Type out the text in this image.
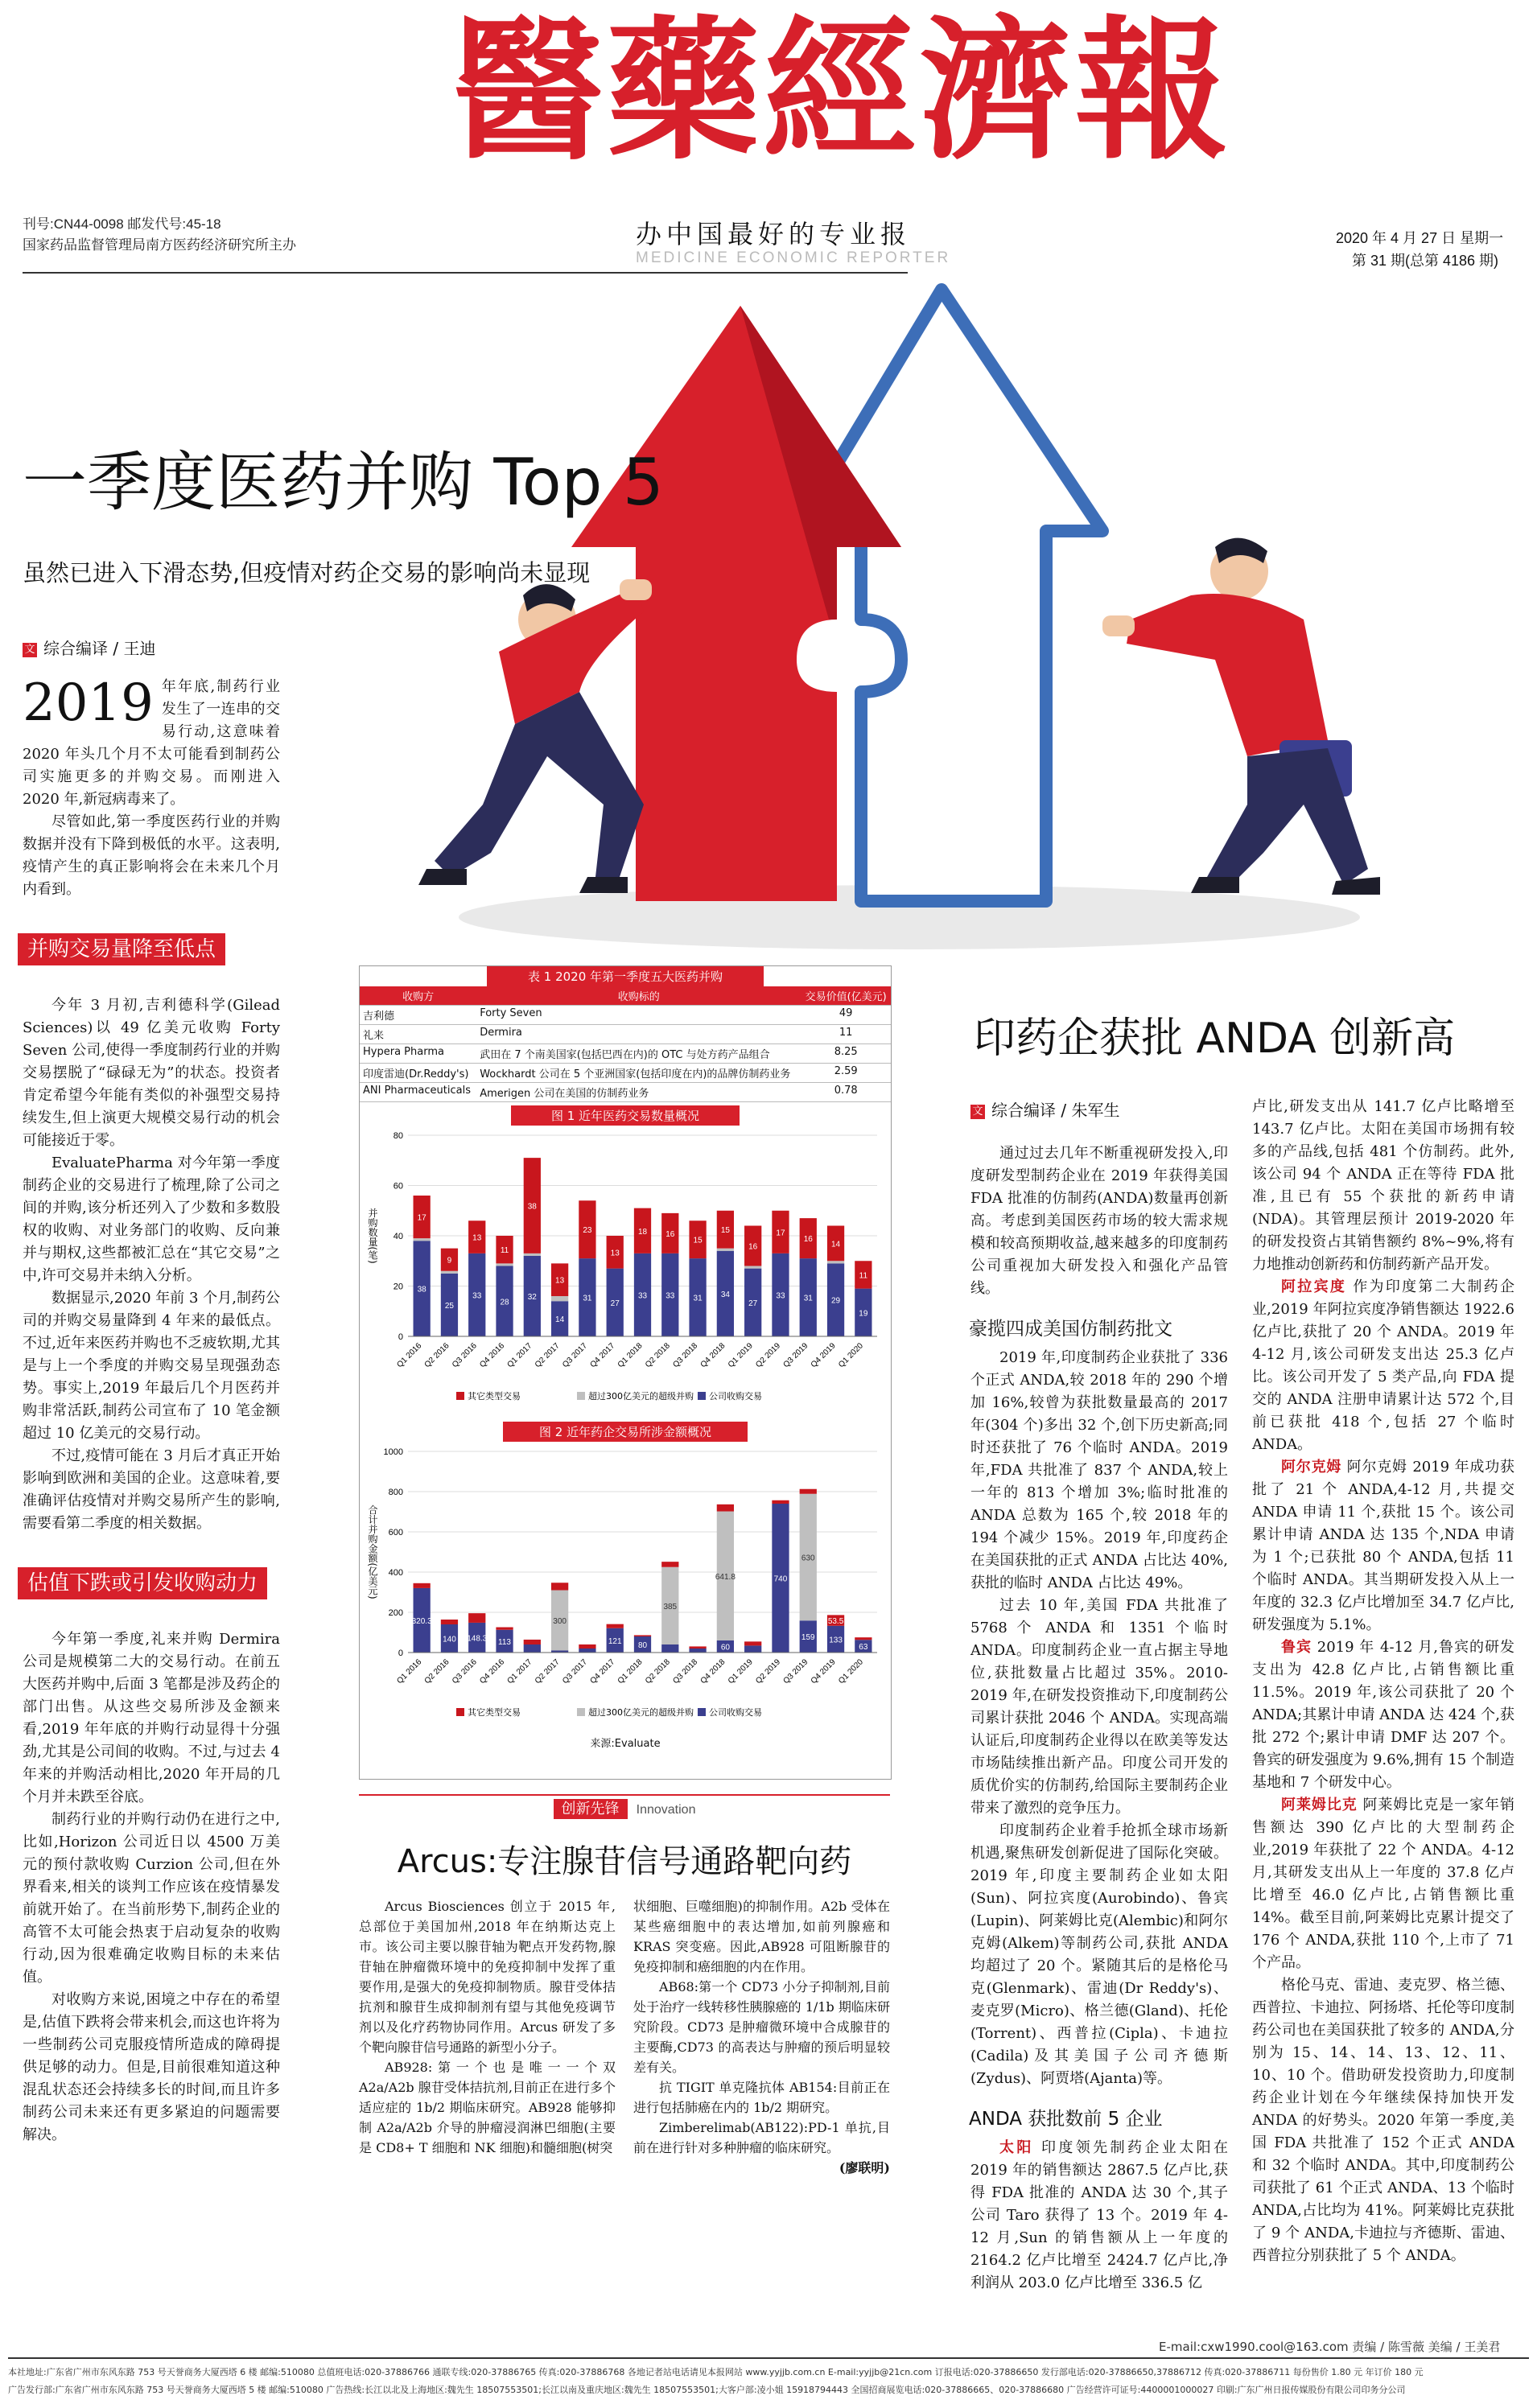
醫藥經濟報
刊号:CN44-0098 邮发代号:45-18
国家药品监督管理局南方医药经济研究所主办	办中国最好的专业报
MEDICINE ECONOMIC REPORTER
2020 年 4 月 27 日 星期一
第 31 期(总第 4186 期)
一季度医药并购 Top 5
虽然已进入下滑态势,但疫情对药企交易的影响尚未显现
文 综合编译 / 王迪

2019 年年底,制药行业发生了一连串的交易行动,这意味着 2020 年头几个月不太可能看到制药公司实施更多的并购交易。而刚进入 2020 年,新冠病毒来了。

尽管如此,第一季度医药行业的并购数据并没有下降到极低的水平。这表明,疫情产生的真正影响将会在未来几个月内看到。

并购交易量降至低点

今年 3 月初,吉利德科学(Gilead Sciences)以 49 亿美元收购 Forty Seven 公司,使得一季度制药行业的并购交易摆脱了“碌碌无为”的状态。投资者肯定希望今年能有类似的补强型交易持续发生,但上演更大规模交易行动的机会可能接近于零。

EvaluatePharma 对今年第一季度制药企业的交易进行了梳理,除了公司之间的并购,该分析还列入了少数和多数股权的收购、对业务部门的收购、反向兼并与期权,这些都被汇总在“其它交易”之中,许可交易并未纳入分析。

数据显示,2020 年前 3 个月,制药公司的并购交易量降到 4 年来的最低点。不过,近年来医药并购也不乏疲软期,尤其是与上一个季度的并购交易呈现强劲态势。事实上,2019 年最后几个月医药并购非常活跃,制药公司宣布了 10 笔金额超过 10 亿美元的交易行动。

不过,疫情可能在 3 月后才真正开始影响到欧洲和美国的企业。这意味着,要准确评估疫情对并购交易所产生的影响,需要看第二季度的相关数据。

估值下跌或引发收购动力

今年第一季度,礼来并购 Dermira 公司是规模第二大的交易行动。在前五大医药并购中,后面 3 笔都是涉及药企的部门出售。从这些交易所涉及金额来看,2019 年年底的并购行动显得十分强劲,尤其是公司间的收购。不过,与过去 4 年来的并购活动相比,2020 年开局的几个月并未跌至谷底。

制药行业的并购行动仍在进行之中,比如,Horizon 公司近日以 4500 万美元的预付款收购 Curzion 公司,但在外界看来,相关的谈判工作应该在疫情暴发前就开始了。在当前形势下,制药企业的高管不太可能会热衷于启动复杂的收购行动,因为很难确定收购目标的未来估值。

对收购方来说,困境之中存在的希望是,估值下跌将会带来机会,而这也许将为一些制药公司克服疫情所造成的障碍提供足够的动力。但是,目前很难知道这种混乱状态还会持续多长的时间,而且许多制药公司未来还有更多紧迫的问题需要解决。

表 1 2020 年第一季度五大医药并购
收购方	收购标的	交易价值(亿美元)
吉利德	Forty Seven	49
礼来	Dermira	11
Hypera Pharma	武田在 7 个南美国家(包括巴西在内)的 OTC 与处方药产品组合	8.25
印度雷迪(Dr.Reddy's)	Wockhardt 公司在 5 个亚洲国家(包括印度在内)的品牌仿制药业务	2.59
ANI Pharmaceuticals	Amerigen 公司在美国的仿制药业务	0.78
图 1 近年医药交易数量概况
0
20
40
60
80
并购数量(笔)
38
17
Q1 2016
25
9
Q2 2016
33
13
Q3 2016
28
11
Q4 2016
32
38
Q1 2017
14
13
Q2 2017
31
23
Q3 2017
27
13
Q4 2017
33
18
Q1 2018
33
16
Q2 2018
31
15
Q3 2018
34
15
Q4 2018
27
16
Q1 2019
33
17
Q2 2019
31
16
Q3 2019
29
14
Q4 2019
19
11
Q1 2020
其它类型交易	超过300亿美元的超级并购 公司收购交易
图 2 近年药企交易所涉金额概况
0
200
400
600
800
1000
合计并购金额(亿美元)
320.3
Q1 2016
140
Q2 2016
148.3
Q3 2016
113
Q4 2016 Q1 2017
300
Q2 2017 Q3 2017
121
Q4 2017
80
Q1 2018
385
Q2 2018 Q3 2018
60
641.8
Q4 2018 Q1 2019
740
Q2 2019
159
630
Q3 2019
133
53.5
Q4 2019
63
Q1 2020
其它类型交易	超过300亿美元的超级并购 公司收购交易
来源:Evaluate
创新先锋 Innovation
Arcus:专注腺苷信号通路靶向药

Arcus Biosciences 创立于 2015 年,总部位于美国加州,2018 年在纳斯达克上市。该公司主要以腺苷轴为靶点开发药物,腺苷轴在肿瘤微环境中的免疫抑制中发挥了重要作用,是强大的免疫抑制物质。腺苷受体拮抗剂和腺苷生成抑制剂有望与其他免疫调节剂以及化疗药物协同作用。Arcus 研发了多个靶向腺苷信号通路的新型小分子。

AB928:第一个也是唯一一个双 A2a/A2b 腺苷受体拮抗剂,目前正在进行多个适应症的 1b/2 期临床研究。AB928 能够抑制 A2a/A2b 介导的肿瘤浸润淋巴细胞(主要是 CD8+ T 细胞和 NK 细胞)和髓细胞(树突

状细胞、巨噬细胞)的抑制作用。A2b 受体在某些癌细胞中的表达增加,如前列腺癌和 KRAS 突变癌。因此,AB928 可阻断腺苷的免疫抑制和癌细胞的内在作用。

AB68:第一个 CD73 小分子抑制剂,目前处于治疗一线转移性胰腺癌的 1/1b 期临床研究阶段。CD73 是肿瘤微环境中合成腺苷的主要酶,CD73 的高表达与肿瘤的预后明显较差有关。

抗 TIGIT 单克隆抗体 AB154:目前正在进行包括肺癌在内的 1b/2 期研究。

Zimberelimab(AB122):PD-1 单抗,目前在进行针对多种肿瘤的临床研究。

(廖联明)
印药企获批 ANDA 创新高
文 综合编译 / 朱军生

通过过去几年不断重视研发投入,印度研发型制药企业在 2019 年获得美国 FDA 批准的仿制药(ANDA)数量再创新高。考虑到美国医药市场的较大需求规模和较高预期收益,越来越多的印度制药公司重视加大研发投入和强化产品管线。

豪揽四成美国仿制药批文

2019 年,印度制药企业获批了 336 个正式 ANDA,较 2018 年的 290 个增加 16%,较曾为获批数量最高的 2017 年(304 个)多出 32 个,创下历史新高;同时还获批了 76 个临时 ANDA。2019 年,FDA 共批准了 837 个 ANDA,较上一年的 813 个增加 3%;临时批准的 ANDA 总数为 165 个,较 2018 年的 194 个减少 15%。2019 年,印度药企在美国获批的正式 ANDA 占比达 40%,获批的临时 ANDA 占比达 49%。

过去 10 年,美国 FDA 共批准了 5768 个 ANDA 和 1351 个临时 ANDA。印度制药企业一直占据主导地位,获批数量占比超过 35%。2010-2019 年,在研发投资推动下,印度制药公司累计获批 2046 个 ANDA。实现高端认证后,印度制药企业得以在欧美等发达市场陆续推出新产品。印度公司开发的质优价实的仿制药,给国际主要制药企业带来了激烈的竞争压力。

印度制药企业着手抢抓全球市场新机遇,聚焦研发创新促进了国际化突破。2019 年,印度主要制药企业如太阳(Sun)、阿拉宾度(Aurobindo)、鲁宾(Lupin)、阿莱姆比克(Alembic)和阿尔克姆(Alkem)等制药公司,获批 ANDA 均超过了 20 个。紧随其后的是格伦马克(Glenmark)、雷迪(Dr Reddy's)、麦克罗(Micro)、格兰德(Gland)、托伦(Torrent)、西普拉(Cipla)、卡迪拉(Cadila)及其美国子公司齐德斯(Zydus)、阿贾塔(Ajanta)等。

ANDA 获批数前 5 企业

太阳 印度领先制药企业太阳在 2019 年的销售额达 2867.5 亿卢比,获得 FDA 批准的 ANDA 达 30 个,其子公司 Taro 获得了 13 个。2019 年 4-12 月,Sun 的销售额从上一年度的 2164.2 亿卢比增至 2424.7 亿卢比,净利润从 203.0 亿卢比增至 336.5 亿

卢比,研发支出从 141.7 亿卢比略增至 143.7 亿卢比。太阳在美国市场拥有较多的产品线,包括 481 个仿制药。此外,该公司 94 个 ANDA 正在等待 FDA 批准,且已有 55 个获批的新药申请(NDA)。其管理层预计 2019-2020 年的研发投资占其销售额约 8%~9%,将有力地推动创新药和仿制药新产品开发。

阿拉宾度 作为印度第二大制药企业,2019 年阿拉宾度净销售额达 1922.6 亿卢比,获批了 20 个 ANDA。2019 年 4-12 月,该公司研发支出达 25.3 亿卢比。该公司开发了 5 类产品,向 FDA 提交的 ANDA 注册申请累计达 572 个,目前已获批 418 个,包括 27 个临时 ANDA。

阿尔克姆 阿尔克姆 2019 年成功获批了 21 个 ANDA,4-12 月,共提交 ANDA 申请 11 个,获批 15 个。该公司累计申请 ANDA 达 135 个,NDA 申请为 1 个;已获批 80 个 ANDA,包括 11 个临时 ANDA。其当期研发投入从上一年度的 32.3 亿卢比增加至 34.7 亿卢比,研发强度为 5.1%。

鲁宾 2019 年 4-12 月,鲁宾的研发支出为 42.8 亿卢比,占销售额比重 11.5%。2019 年,该公司获批了 20 个 ANDA;其累计申请 ANDA 达 424 个,获批 272 个;累计申请 DMF 达 207 个。鲁宾的研发强度为 9.6%,拥有 15 个制造基地和 7 个研发中心。

阿莱姆比克 阿莱姆比克是一家年销售额达 390 亿卢比的大型制药企业,2019 年获批了 22 个 ANDA。4-12 月,其研发支出从上一年度的 37.8 亿卢比增至 46.0 亿卢比,占销售额比重 14%。截至目前,阿莱姆比克累计提交了 176 个 ANDA,获批 110 个,上市了 71 个产品。

格伦马克、雷迪、麦克罗、格兰德、西普拉、卡迪拉、阿扬塔、托伦等印度制药公司也在美国获批了较多的 ANDA,分别为 15、14、14、13、12、11、10、10 个。借助研发投资助力,印度制药企业计划在今年继续保持加快开发 ANDA 的好势头。2020 年第一季度,美国 FDA 共批准了 152 个正式 ANDA 和 32 个临时 ANDA。其中,印度制药公司获批了 61 个正式 ANDA、13 个临时 ANDA,占比均为 41%。阿莱姆比克获批了 9 个 ANDA,卡迪拉与齐德斯、雷迪、西普拉分别获批了 5 个 ANDA。

E-mail:cxw1990.cool@163.com 责编 / 陈雪薇 美编 / 王美君
本社地址:广东省广州市东风东路 753 号天誉商务大厦西塔 6 楼 邮编:510080 总值班电话:020-37886766 通联专线:020-37886765 传真:020-37886768 各地记者站电话请见本报网站 www.yyjjb.com.cn E-mail:yyjjb@21cn.com 订报电话:020-37886650 发行部电话:020-37886650,37886712 传真:020-37886711 每份售价 1.80 元 年订价 180 元
广告发行部:广东省广州市东风东路 753 号天誉商务大厦西塔 5 楼 邮编:510080 广告热线:长江以北及上海地区:魏先生 18507553501;长江以南及重庆地区:魏先生 18507553501;大客户部:凌小姐 15918794443 全国招商展览电话:020-37886665、020-37886680 广告经营许可证号:4400001000027 印刷:广东广州日报传媒股份有限公司印务分公司
